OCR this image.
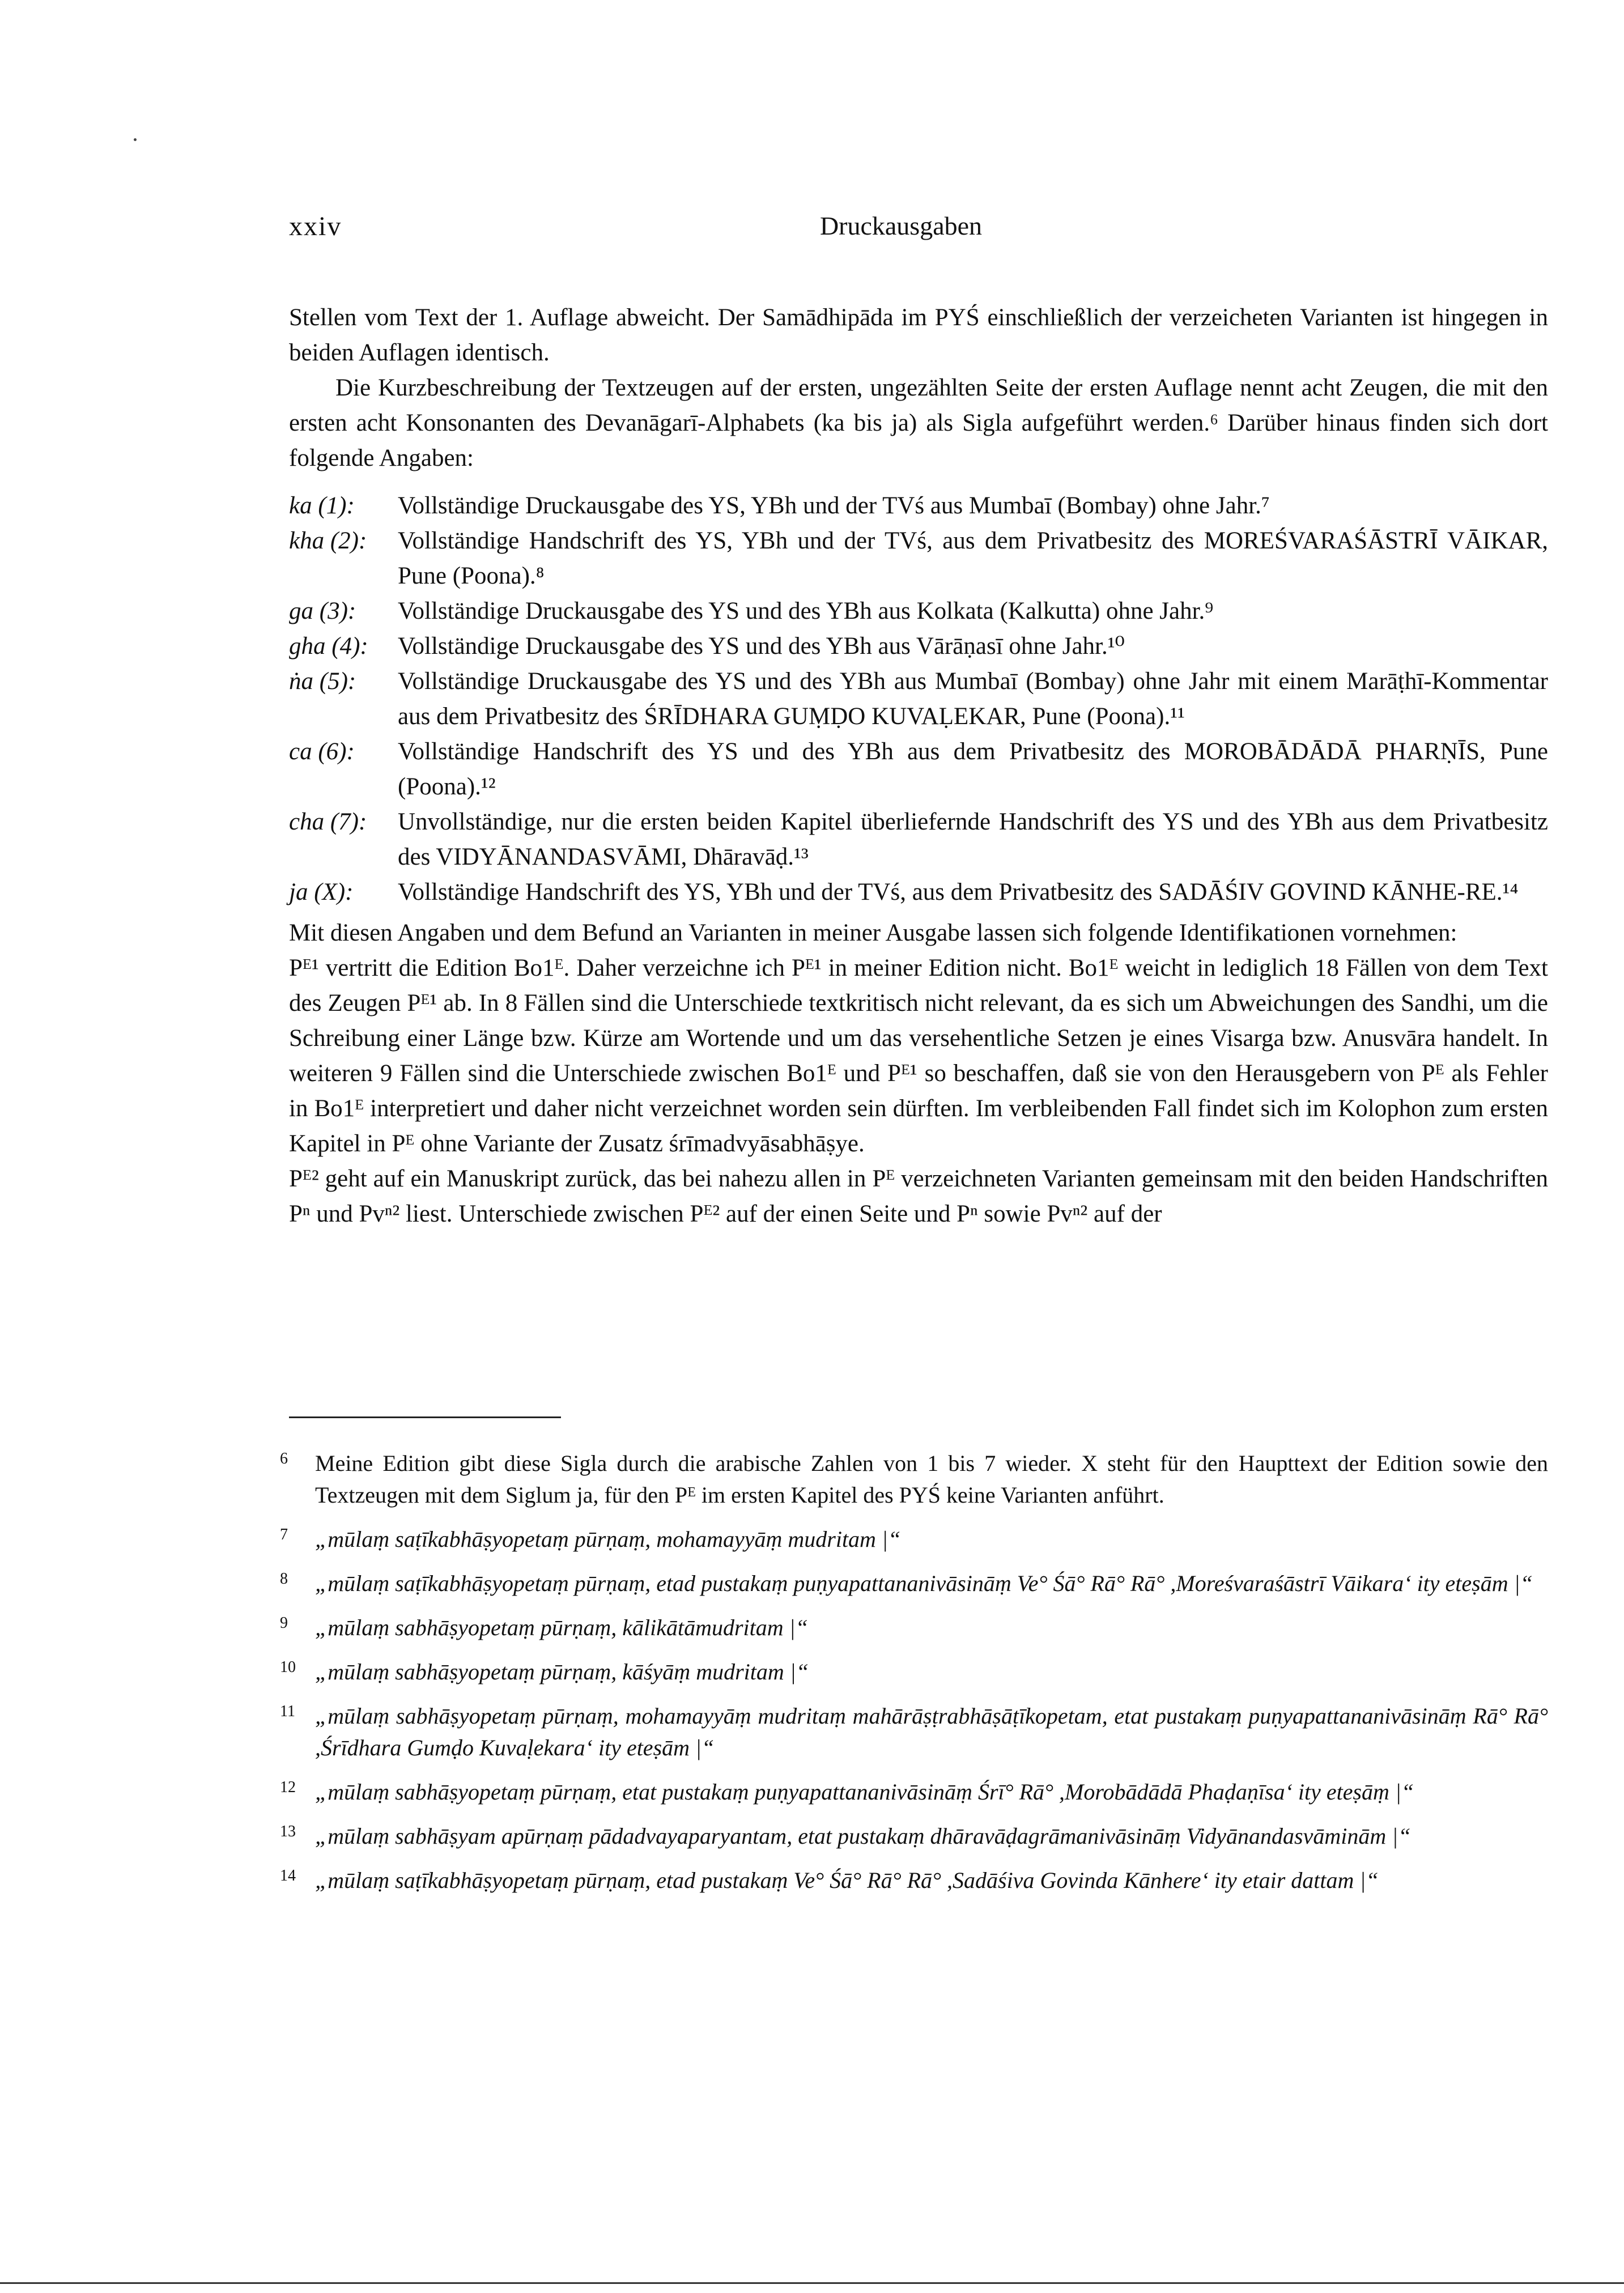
xxiv	Druckausgaben

Stellen vom Text der 1. Auflage abweicht. Der Samādhipāda im PYŚ einschließlich der verzeicheten Varianten ist hingegen in beiden Auflagen identisch.

Die Kurzbeschreibung der Textzeugen auf der ersten, ungezählten Seite der ersten Auflage nennt acht Zeugen, die mit den ersten acht Konsonanten des Devanāgarī-Alphabets (ka bis ja) als Sigla aufgeführt werden.⁶ Darüber hinaus finden sich dort folgende Angaben:

ka (1):	Vollständige Druckausgabe des YS, YBh und der TVś aus Mumbaī (Bombay) ohne Jahr.⁷
kha (2):	Vollständige Handschrift des YS, YBh und der TVś, aus dem Privatbesitz des MOREŚVARAŚĀSTRĪ VĀIKAR, Pune (Poona).⁸
ga (3):	Vollständige Druckausgabe des YS und des YBh aus Kolkata (Kalkutta) ohne Jahr.⁹
gha (4):	Vollständige Druckausgabe des YS und des YBh aus Vārāṇasī ohne Jahr.¹⁰
ṅa (5):	Vollständige Druckausgabe des YS und des YBh aus Mumbaī (Bombay) ohne Jahr mit einem Marāṭhī-Kommentar aus dem Privatbesitz des ŚRĪDHARA GUṂḌO KUVAḶEKAR, Pune (Poona).¹¹
ca (6):	Vollständige Handschrift des YS und des YBh aus dem Privatbesitz des MOROBĀDĀDĀ PHARṆĪS, Pune (Poona).¹²
cha (7):	Unvollständige, nur die ersten beiden Kapitel überliefernde Handschrift des YS und des YBh aus dem Privatbesitz des VIDYĀNANDASVĀMI, Dhāravāḍ.¹³
ja (X):	Vollständige Handschrift des YS, YBh und der TVś, aus dem Privatbesitz des SADĀŚIV GOVIND KĀNHE-RE.¹⁴

Mit diesen Angaben und dem Befund an Varianten in meiner Ausgabe lassen sich folgende Identifikationen vornehmen:

Pᴱ¹ vertritt die Edition Bo1ᴱ. Daher verzeichne ich Pᴱ¹ in meiner Edition nicht. Bo1ᴱ weicht in lediglich 18 Fällen von dem Text des Zeugen Pᴱ¹ ab. In 8 Fällen sind die Unterschiede textkritisch nicht relevant, da es sich um Abweichungen des Sandhi, um die Schreibung einer Länge bzw. Kürze am Wortende und um das versehentliche Setzen je eines Visarga bzw. Anusvāra handelt. In weiteren 9 Fällen sind die Unterschiede zwischen Bo1ᴱ und Pᴱ¹ so beschaffen, daß sie von den Herausgebern von Pᴱ als Fehler in Bo1ᴱ interpretiert und daher nicht verzeichnet worden sein dürften. Im verbleibenden Fall findet sich im Kolophon zum ersten Kapitel in Pᴱ ohne Variante der Zusatz śrīmadvyāsabhāṣye.

Pᴱ² geht auf ein Manuskript zurück, das bei nahezu allen in Pᴱ verzeichneten Varianten gemeinsam mit den beiden Handschriften Pⁿ und Pvⁿ² liest. Unterschiede zwischen Pᴱ² auf der einen Seite und Pⁿ sowie Pvⁿ² auf der

6	Meine Edition gibt diese Sigla durch die arabische Zahlen von 1 bis 7 wieder. X steht für den Haupttext der Edition sowie den Textzeugen mit dem Siglum ja, für den Pᴱ im ersten Kapitel des PYŚ keine Varianten anführt.
7	„mūlaṃ saṭīkabhāṣyopetaṃ pūrṇaṃ, mohamayyāṃ mudritam |“
8	„mūlaṃ saṭīkabhāṣyopetaṃ pūrṇaṃ, etad pustakaṃ puṇyapattananivāsināṃ Ve° Śā° Rā° Rā° ,Moreśvaraśāstrī Vāikara‘ ity eteṣām |“
9	„mūlaṃ sabhāṣyopetaṃ pūrṇaṃ, kālikātāmudritam |“
10 „mūlaṃ sabhāṣyopetaṃ pūrṇaṃ, kāśyāṃ mudritam |“
11 „mūlaṃ sabhāṣyopetaṃ pūrṇaṃ, mohamayyāṃ mudritaṃ mahārāṣṭrabhāṣāṭīkopetam, etat pustakaṃ puṇyapattananivāsināṃ Rā° Rā° ,Śrīdhara Gumḍo Kuvaḷekara‘ ity eteṣām |“
12 „mūlaṃ sabhāṣyopetaṃ pūrṇaṃ, etat pustakaṃ puṇyapattananivāsināṃ Śrī° Rā° ,Morobādādā Phaḍaṇīsa‘ ity eteṣāṃ |“
13 „mūlaṃ sabhāṣyam apūrṇaṃ pādadvayaparyantam, etat pustakaṃ dhāravāḍagrāmanivāsināṃ Vidyānandasvāminām |“
14 „mūlaṃ saṭīkabhāṣyopetaṃ pūrṇaṃ, etad pustakaṃ Ve° Śā° Rā° Rā° ,Sadāśiva Govinda Kānhere‘ ity etair dattam |“
